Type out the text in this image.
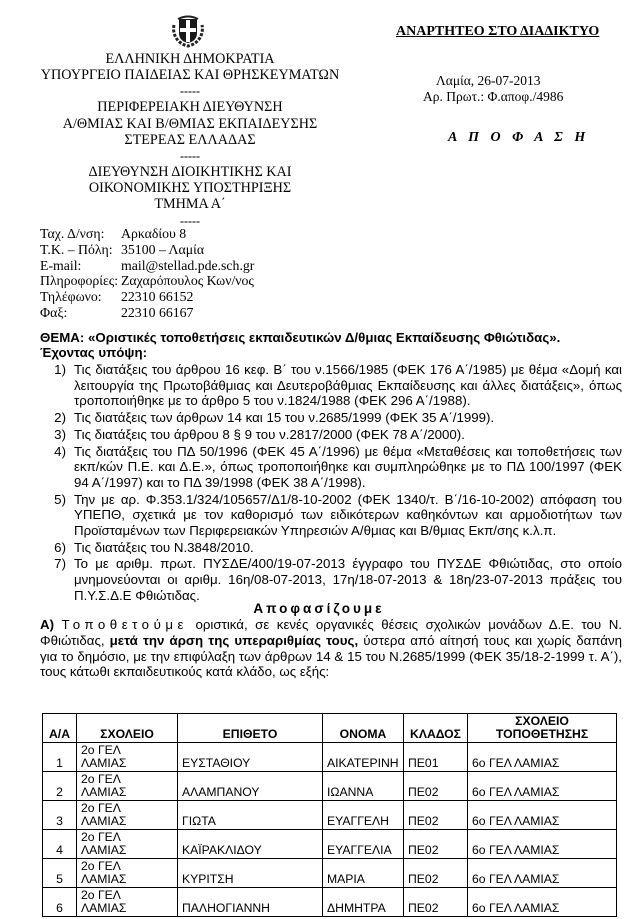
ΕΛΛΗΝΙΚΗ ΔΗΜΟΚΡΑΤΙΑ
ΥΠΟΥΡΓΕΙΟ ΠΑΙΔΕΙΑΣ ΚΑΙ ΘΡΗΣΚΕΥΜΑΤΩΝ
-----
ΠΕΡΙΦΕΡΕΙΑΚΗ ΔΙΕΥΘΥΝΣΗ
Α/ΘΜΙΑΣ ΚΑΙ Β/ΘΜΙΑΣ ΕΚΠΑΙΔΕΥΣΗΣ
ΣΤΕΡΕΑΣ ΕΛΛΑΔΑΣ
-----
ΔΙΕΥΘΥΝΣΗ ΔΙΟΙΚΗΤΙΚΗΣ ΚΑΙ
ΟΙΚΟΝΟΜΙΚΗΣ ΥΠΟΣΤΗΡΙΞΗΣ
ΤΜΗΜΑ Α΄
-----
ΑΝΑΡΤΗΤΕΟ ΣΤΟ ΔΙΑΔΙΚΤΥΟ
Λαμία, 26-07-2013
Αρ. Πρωτ.: Φ.αποφ./4986
Α Π Ο Φ Α Σ Η
Ταχ. Δ/νση:	Αρκαδίου 8
Τ.Κ. – Πόλη: 35100 – Λαμία
E-mail:	mail@stellad.pde.sch.gr
Πληροφορίες: Ζαχαρόπουλος Κων/νος
Τηλέφωνο:	22310 66152
Φαξ:	22310 66167
ΘΕΜΑ: «Οριστικές τοποθετήσεις εκπαιδευτικών Δ/θμιας Εκπαίδευσης Φθιώτιδας».
Έχοντας υπόψη:
1) Τις διατάξεις του άρθρου 16 κεφ. Β΄ του ν.1566/1985 (ΦΕΚ 176 Α΄/1985) με θέμα «Δομή και λειτουργία της Πρωτοβάθμιας και Δευτεροβάθμιας Εκπαίδευσης και άλλες διατάξεις», όπως τροποποιήθηκε με το άρθρο 5 του ν.1824/1988 (ΦΕΚ 296 Α΄/1988).
2) Τις διατάξεις των άρθρων 14 και 15 του ν.2685/1999 (ΦΕΚ 35 Α΄/1999).
3) Τις διατάξεις του άρθρου 8 § 9 του ν.2817/2000 (ΦΕΚ 78 Α΄/2000).
4) Τις διατάξεις του ΠΔ 50/1996 (ΦΕΚ 45 Α΄/1996) με θέμα «Μεταθέσεις και τοποθετήσεις των εκπ/κών Π.Ε. και Δ.Ε.», όπως τροποποιήθηκε και συμπληρώθηκε με το ΠΔ 100/1997 (ΦΕΚ 94 Α΄/1997) και το ΠΔ 39/1998 (ΦΕΚ 38 Α΄/1998).
5) Την με αρ. Φ.353.1/324/105657/Δ1/8-10-2002 (ΦΕΚ 1340/τ. Β΄/16-10-2002) απόφαση του ΥΠΕΠΘ, σχετικά με τον καθορισμό των ειδικότερων καθηκόντων και αρμοδιοτήτων των Προϊσταμένων των Περιφερειακών Υπηρεσιών Α/θμιας και Β/θμιας Εκπ/σης κ.λ.π.
6) Τις διατάξεις του Ν.3848/2010.
7) Το με αριθμ. πρωτ. ΠΥΣΔΕ/400/19-07-2013 έγγραφο του ΠΥΣΔΕ Φθιώτιδας, στο οποίο μνημονεύονται οι αριθμ. 16η/08-07-2013, 17η/18-07-2013 & 18η/23-07-2013 πράξεις του Π.Υ.Σ.Δ.Ε Φθιώτιδας.
Αποφασίζουμε
Α) Τοποθετούμε οριστικά, σε κενές οργανικές θέσεις σχολικών μονάδων Δ.Ε. του Ν. Φθιώτιδας, μετά την άρση της υπεραριθμίας τους, ύστερα από αίτησή τους και χωρίς δαπάνη για το δημόσιο, με την επιφύλαξη των άρθρων 14 & 15 του Ν.2685/1999 (ΦΕΚ 35/18-2-1999 τ. Α΄), τους κάτωθι εκπαιδευτικούς κατά κλάδο, ως εξής:
Α/Α	ΣΧΟΛΕΙΟ	ΕΠΙΘΕΤΟ	ΟΝΟΜΑ	ΚΛΑΔΟΣ	ΣΧΟΛΕΙΟ
ΤΟΠΟΘΕΤΗΣΗΣ

1	2ο ΓΕΛ
ΛΑΜΙΑΣ	ΕΥΣΤΑΘΙΟΥ	ΑΙΚΑΤΕΡΙΝΗ	ΠΕ01	6ο ΓΕΛ ΛΑΜΙΑΣ
2	2ο ΓΕΛ
ΛΑΜΙΑΣ	ΑΛΑΜΠΑΝΟΥ	ΙΩΑΝΝΑ	ΠΕ02	6ο ΓΕΛ ΛΑΜΙΑΣ
3	2ο ΓΕΛ
ΛΑΜΙΑΣ	ΓΙΩΤΑ	ΕΥΑΓΓΕΛΗ	ΠΕ02	6ο ΓΕΛ ΛΑΜΙΑΣ
4	2ο ΓΕΛ
ΛΑΜΙΑΣ	ΚΑΪΡΑΚΛΙΔΟΥ	ΕΥΑΓΓΕΛΙΑ	ΠΕ02	6ο ΓΕΛ ΛΑΜΙΑΣ
5	2ο ΓΕΛ
ΛΑΜΙΑΣ	ΚΥΡΙΤΣΗ	ΜΑΡΙΑ	ΠΕ02	6ο ΓΕΛ ΛΑΜΙΑΣ
6	2ο ΓΕΛ
ΛΑΜΙΑΣ	ΠΑΛΗΟΓΙΑΝΝΗ	ΔΗΜΗΤΡΑ	ΠΕ02	6ο ΓΕΛ ΛΑΜΙΑΣ
